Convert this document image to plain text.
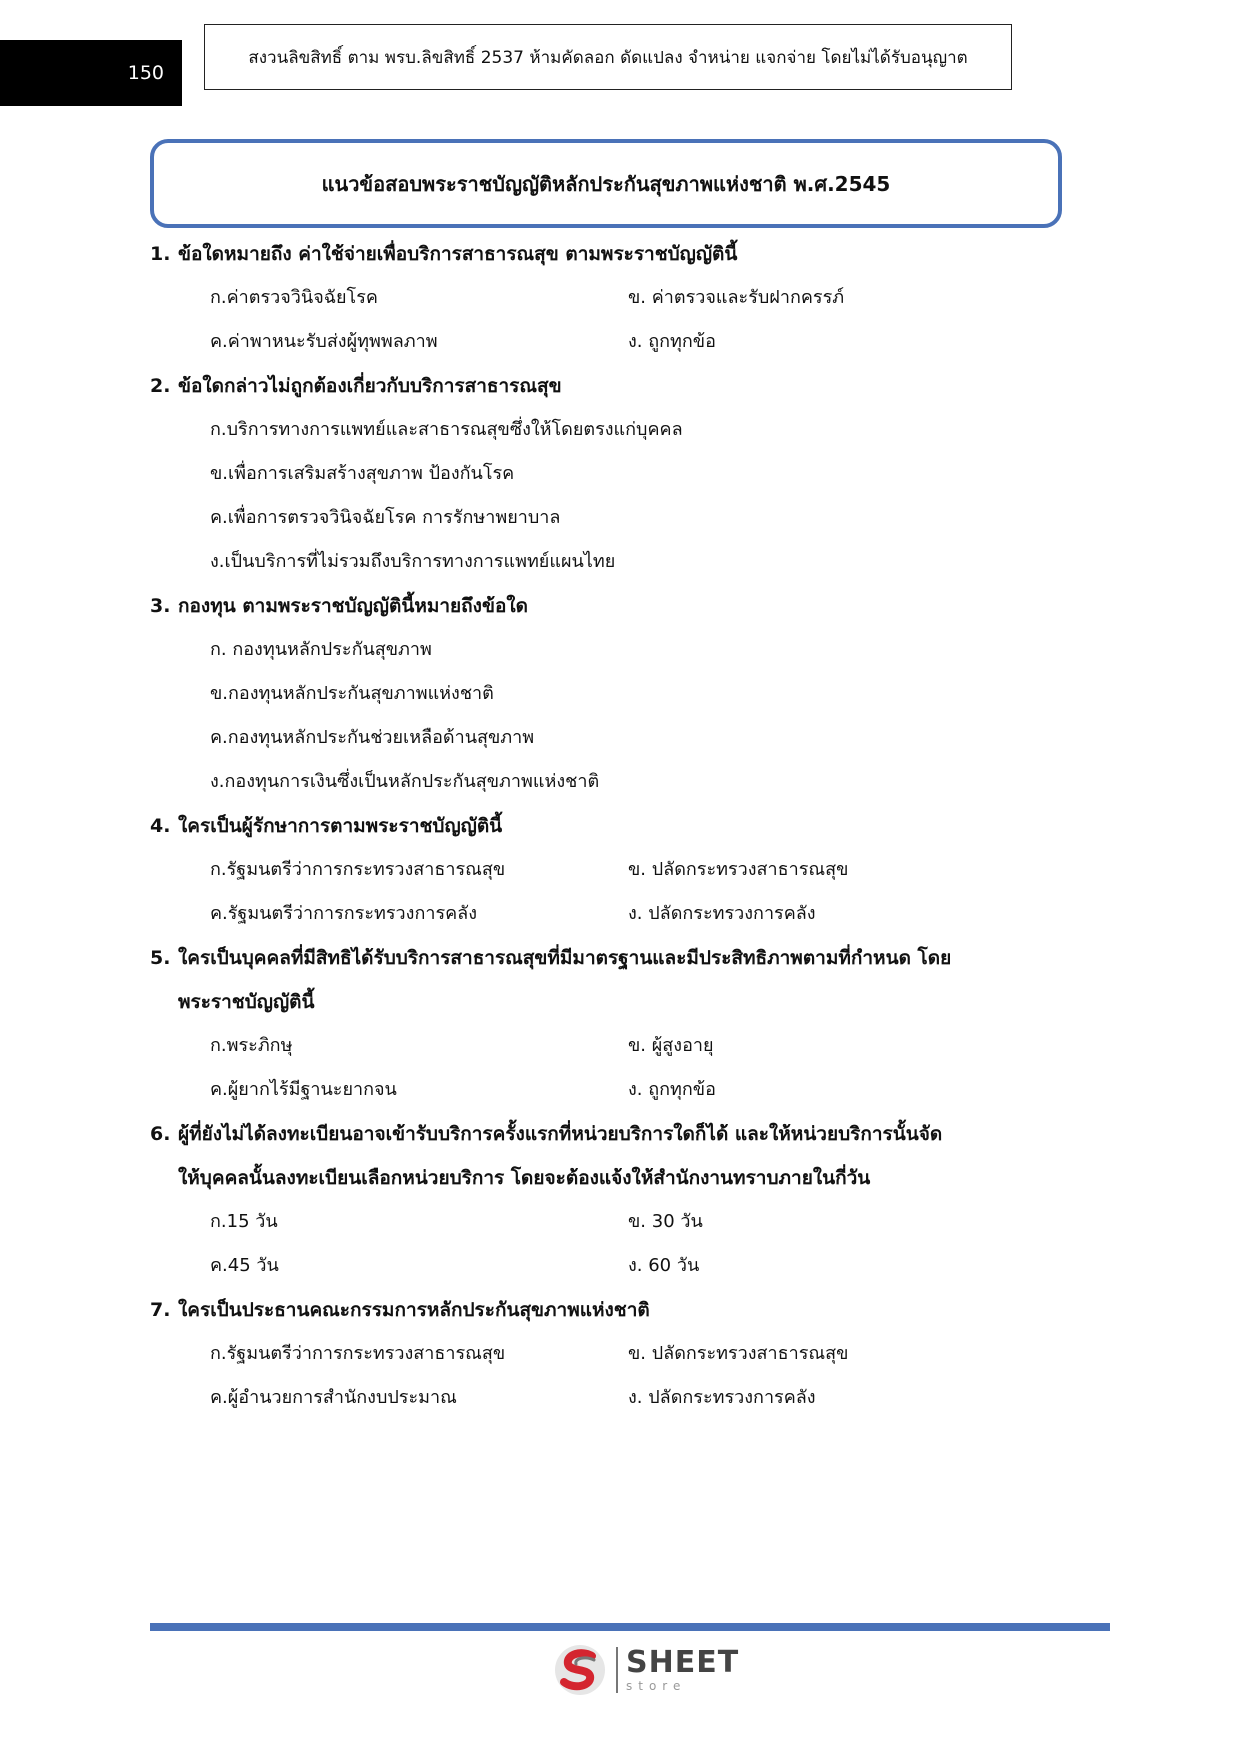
150
สงวนลิขสิทธิ์ ตาม พรบ.ลิขสิทธิ์ 2537 ห้ามคัดลอก ดัดแปลง จำหน่าย แจกจ่าย โดยไม่ได้รับอนุญาต
แนวข้อสอบพระราชบัญญัติหลักประกันสุขภาพแห่งชาติ พ.ศ.2545

1. ข้อใดหมายถึง ค่าใช้จ่ายเพื่อบริการสาธารณสุข ตามพระราชบัญญัตินี้

ก.ค่าตรวจวินิจฉัยโรค	ข. ค่าตรวจและรับฝากครรภ์
ค.ค่าพาหนะรับส่งผู้ทุพพลภาพ	ง. ถูกทุกข้อ

2. ข้อใดกล่าวไม่ถูกต้องเกี่ยวกับบริการสาธารณสุข

ก.บริการทางการแพทย์และสาธารณสุขซึ่งให้โดยตรงแก่บุคคล
ข.เพื่อการเสริมสร้างสุขภาพ ป้องกันโรค
ค.เพื่อการตรวจวินิจฉัยโรค การรักษาพยาบาล
ง.เป็นบริการที่ไม่รวมถึงบริการทางการแพทย์แผนไทย

3. กองทุน ตามพระราชบัญญัตินี้หมายถึงข้อใด

ก. กองทุนหลักประกันสุขภาพ
ข.กองทุนหลักประกันสุขภาพแห่งชาติ
ค.กองทุนหลักประกันช่วยเหลือด้านสุขภาพ
ง.กองทุนการเงินซึ่งเป็นหลักประกันสุขภาพแห่งชาติ

4. ใครเป็นผู้รักษาการตามพระราชบัญญัตินี้

ก.รัฐมนตรีว่าการกระทรวงสาธารณสุข	ข. ปลัดกระทรวงสาธารณสุข
ค.รัฐมนตรีว่าการกระทรวงการคลัง	ง. ปลัดกระทรวงการคลัง

5. ใครเป็นบุคคลที่มีสิทธิได้รับบริการสาธารณสุขที่มีมาตรฐานและมีประสิทธิภาพตามที่กำหนด โดย

พระราชบัญญัตินี้

ก.พระภิกษุ	ข. ผู้สูงอายุ
ค.ผู้ยากไร้มีฐานะยากจน	ง. ถูกทุกข้อ

6. ผู้ที่ยังไม่ได้ลงทะเบียนอาจเข้ารับบริการครั้งแรกที่หน่วยบริการใดก็ได้ และให้หน่วยบริการนั้นจัด

ให้บุคคลนั้นลงทะเบียนเลือกหน่วยบริการ โดยจะต้องแจ้งให้สำนักงานทราบภายในกี่วัน

ก.15 วัน	ข. 30 วัน
ค.45 วัน	ง. 60 วัน

7. ใครเป็นประธานคณะกรรมการหลักประกันสุขภาพแห่งชาติ

ก.รัฐมนตรีว่าการกระทรวงสาธารณสุข	ข. ปลัดกระทรวงสาธารณสุข
ค.ผู้อำนวยการสำนักงบประมาณ	ง. ปลัดกระทรวงการคลัง
SHEET
store
